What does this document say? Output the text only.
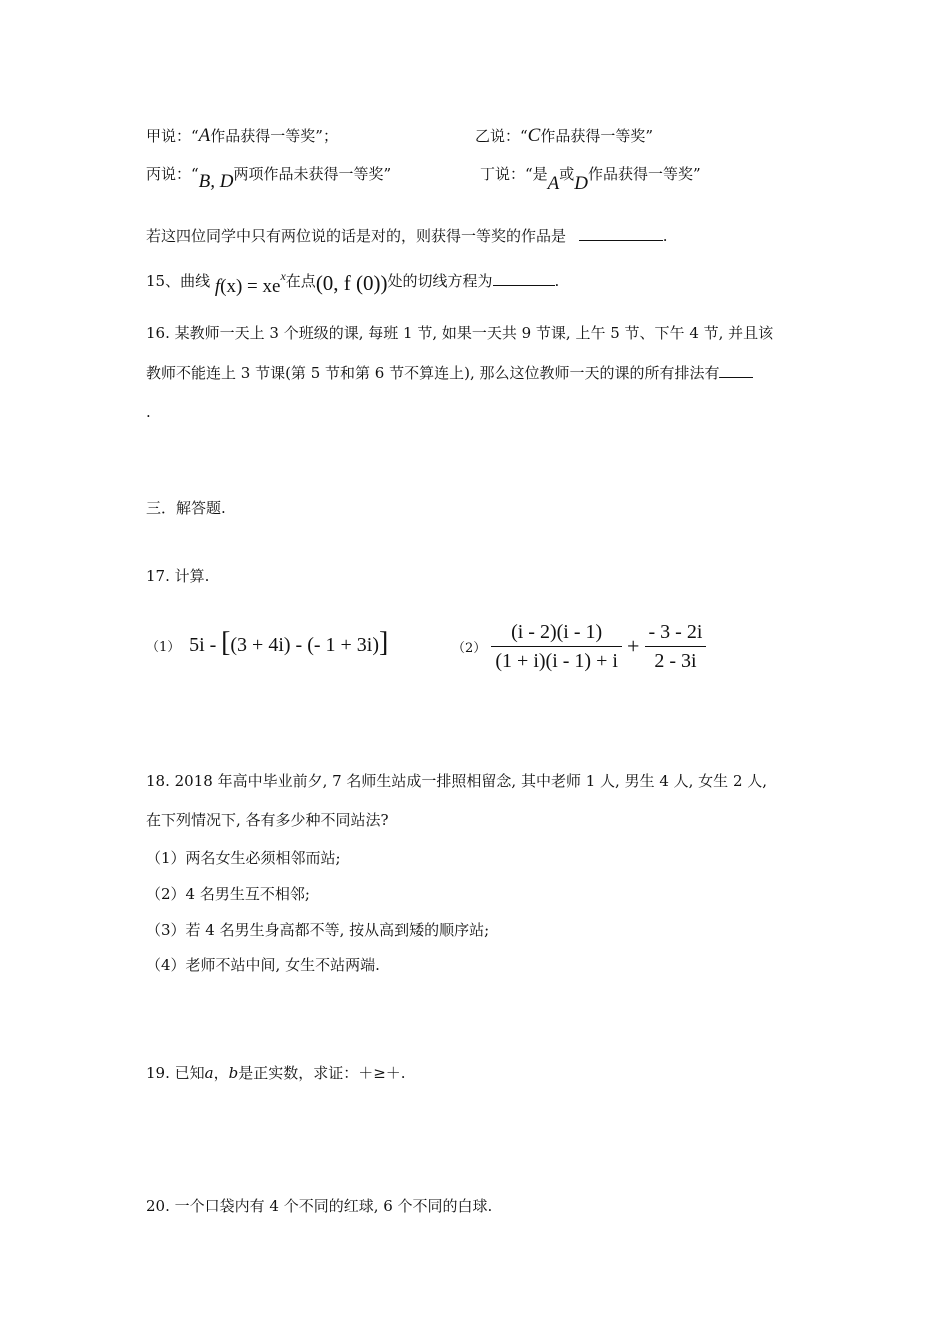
甲说：“A作品获得一等奖”；	乙说：“C作品获得一等奖”
丙说：“B, D两项作品未获得一等奖”	丁说：“是A或D作品获得一等奖”
若这四位同学中只有两位说的话是对的，则获得一等奖的作品是	.
15、曲线 $f(x) = xe^x$在点(0, f (0))处的切线方程为	.
16. 某教师一天上 3 个班级的课, 每班 1 节, 如果一天共 9 节课, 上午 5 节、下午 4 节, 并且该
教师不能连上 3 节课(第 5 节和第 6 节不算连上), 那么这位教师一天的课的所有排法有
.
三．解答题.
17. 计算.
（1） 5i - [(3 + 4i) - (- 1 + 3i)]	$(2) \frac{(i - 2)(i - 1)}{(1 + i)(i - 1) + i} + \frac{- 3 - 2i}{2 - 3i}$
18. 2018 年高中毕业前夕, 7 名师生站成一排照相留念, 其中老师 1 人, 男生 4 人, 女生 2 人,
在下列情况下, 各有多少种不同站法?
（1）两名女生必须相邻而站;
（2）4 名男生互不相邻;
（3）若 4 名男生身高都不等, 按从高到矮的顺序站;
（4）老师不站中间, 女生不站两端.
19. 已知a，b是正实数，求证：＋≥＋.
20. 一个口袋内有 4 个不同的红球, 6 个不同的白球.
